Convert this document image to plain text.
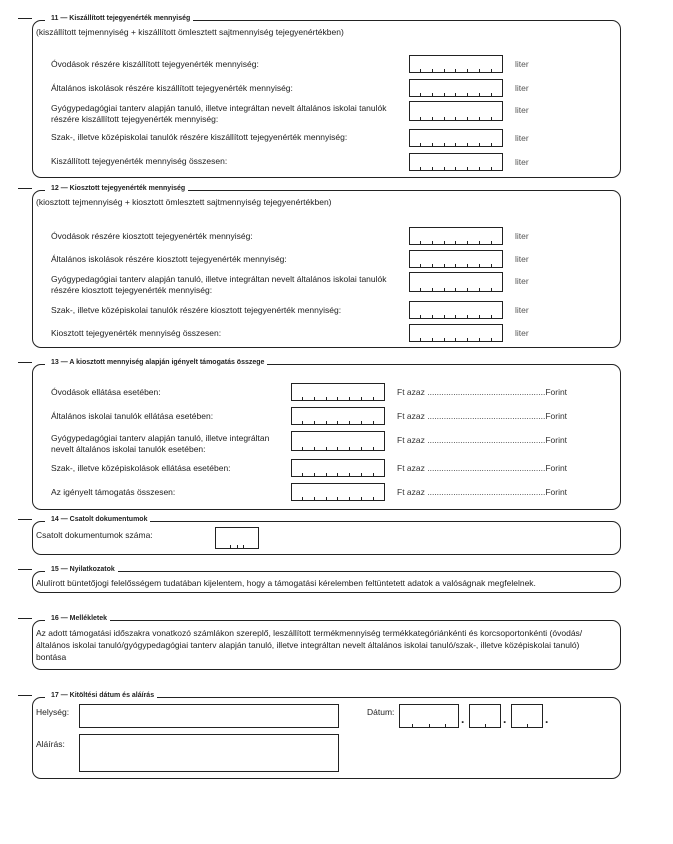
11 — Kiszállított tejegyenérték mennyiség
(kiszállított tejmennyiség + kiszállított ömlesztett sajtmennyiség tejegyenértékben)
Óvodások részére kiszállított tejegyenérték mennyiség:	liter
Általános iskolások részére kiszállított tejegyenérték mennyiség:	liter
Gyógypedagógiai tanterv alapján tanuló, illetve integráltan nevelt általános iskolai tanulók részére kiszállított tejegyenérték mennyiség:
liter
Szak-, illetve középiskolai tanulók részére kiszállított tejegyenérték mennyiség:	liter
Kiszállított tejegyenérték mennyiség összesen:	liter
12 — Kiosztott tejegyenérték mennyiség
(kiosztott tejmennyiség + kiosztott ömlesztett sajtmennyiség tejegyenértékben)
Óvodások részére kiosztott tejegyenérték mennyiség:	liter
Általános iskolások részére kiosztott tejegyenérték mennyiség:	liter
Gyógypedagógiai tanterv alapján tanuló, illetve integráltan nevelt általános iskolai tanulók részére kiosztott tejegyenérték mennyiség:
liter
Szak-, illetve középiskolai tanulók részére kiosztott tejegyenérték mennyiség:	liter
Kiosztott tejegyenérték mennyiség összesen:	liter
13 — A kiosztott mennyiség alapján igényelt támogatás összege
Óvodások ellátása esetében:	Ft azaz ..................................................Forint
Általános iskolai tanulók ellátása esetében:	Ft azaz ..................................................Forint
Gyógypedagógiai tanterv alapján tanuló, illetve integráltan nevelt általános iskolai tanulók esetében:
Ft azaz ..................................................Forint
Szak-, illetve középiskolások ellátása esetében:	Ft azaz ..................................................Forint
Az igényelt támogatás összesen:	Ft azaz ..................................................Forint
14 — Csatolt dokumentumok
Csatolt dokumentumok száma:
15 — Nyilatkozatok
Alulírott büntetőjogi felelősségem tudatában kijelentem, hogy a támogatási kérelemben feltüntetett adatok a valóságnak megfelelnek.
16 — Mellékletek
Az adott támogatási időszakra vonatkozó számlákon szereplő, leszállított termékmennyiség termékkategóriánkénti és korcsoportonkénti (óvodás/általános iskolai tanuló/gyógypedagógiai tanterv alapján tanuló, illetve integráltan nevelt általános iskolai tanuló/szak-, illetve középiskolai tanuló) bontása
17 — Kitöltési dátum és aláírás
Helység:	Dátum:	.	.	.
Aláírás:
